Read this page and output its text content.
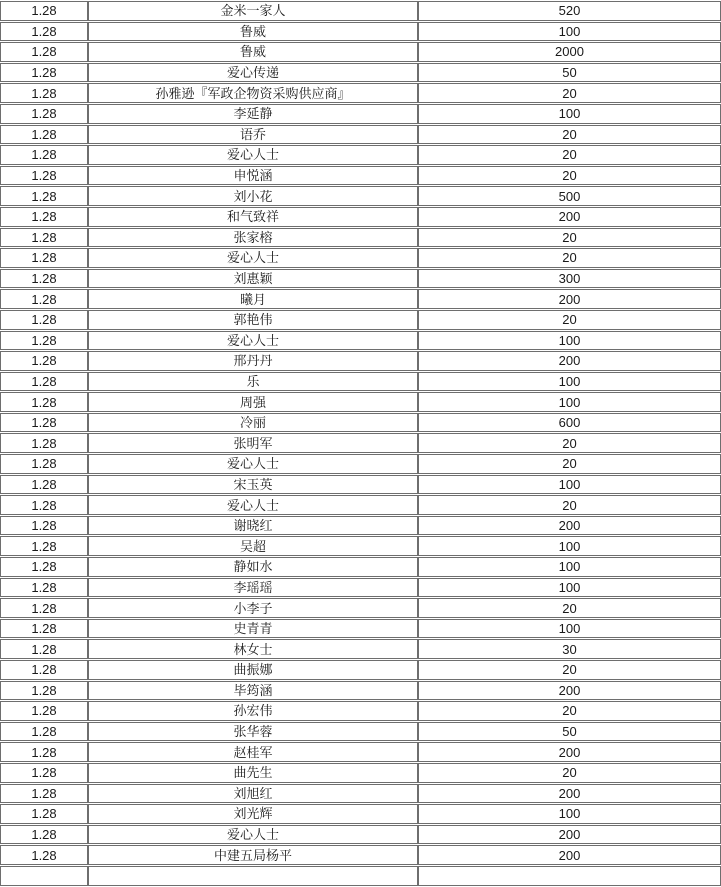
1.28	金米一家人	520
1.28	鲁威	100
1.28	鲁威	2000
1.28	爱心传递	50
1.28	孙雅逊『军政企物资采购供应商』	20
1.28	李延静	100
1.28	语乔	20
1.28	爱心人士	20
1.28	申悦涵	20
1.28	刘小花	500
1.28	和气致祥	200
1.28	张家榕	20
1.28	爱心人士	20
1.28	刘惠颖	300
1.28	曦月	200
1.28	郭艳伟	20
1.28	爱心人士	100
1.28	邢丹丹	200
1.28	乐	100
1.28	周强	100
1.28	冷丽	600
1.28	张明军	20
1.28	爱心人士	20
1.28	宋玉英	100
1.28	爱心人士	20
1.28	谢晓红	200
1.28	吴超	100
1.28	静如水	100
1.28	李瑶瑶	100
1.28	小李子	20
1.28	史青青	100
1.28	林女士	30
1.28	曲振娜	20
1.28	毕筠涵	200
1.28	孙宏伟	20
1.28	张华蓉	50
1.28	赵桂军	200
1.28	曲先生	20
1.28	刘旭红	200
1.28	刘光辉	100
1.28	爱心人士	200
1.28	中建五局杨平	200
